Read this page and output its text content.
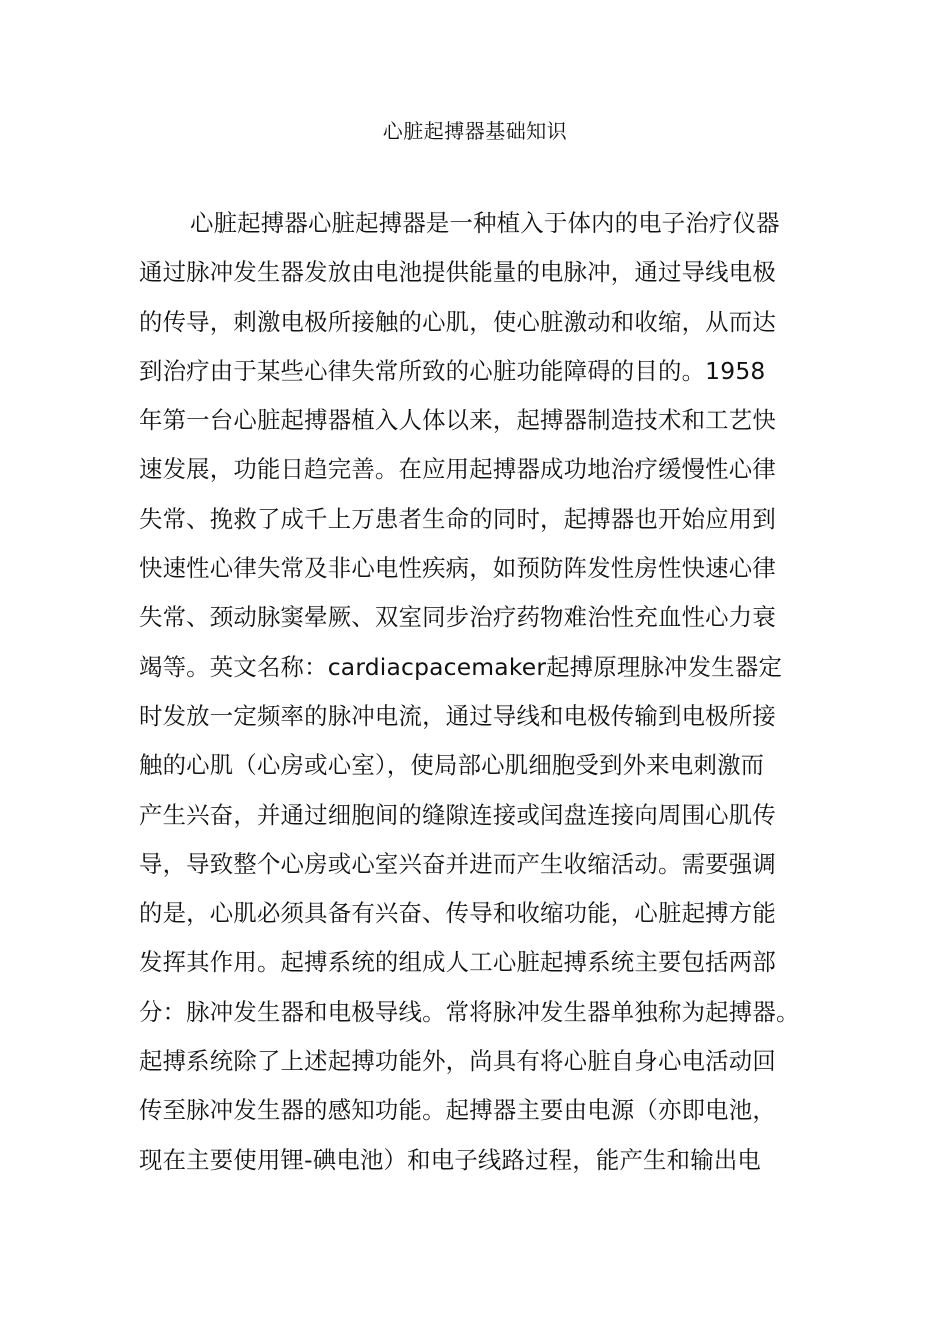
心脏起搏器基础知识
心脏起搏器心脏起搏器是一种植入于体内的电子治疗仪器
通过脉冲发生器发放由电池提供能量的电脉冲，通过导线电极
的传导，刺激电极所接触的心肌，使心脏激动和收缩，从而达
到治疗由于某些心律失常所致的心脏功能障碍的目的。1958
年第一台心脏起搏器植入人体以来，起搏器制造技术和工艺快
速发展，功能日趋完善。在应用起搏器成功地治疗缓慢性心律
失常、挽救了成千上万患者生命的同时，起搏器也开始应用到
快速性心律失常及非心电性疾病，如预防阵发性房性快速心律
失常、颈动脉窦晕厥、双室同步治疗药物难治性充血性心力衰
竭等。英文名称：cardiacpacemaker起搏原理脉冲发生器定
时发放一定频率的脉冲电流，通过导线和电极传输到电极所接
触的心肌（心房或心室），使局部心肌细胞受到外来电刺激而
产生兴奋，并通过细胞间的缝隙连接或闰盘连接向周围心肌传
导，导致整个心房或心室兴奋并进而产生收缩活动。需要强调
的是，心肌必须具备有兴奋、传导和收缩功能，心脏起搏方能
发挥其作用。起搏系统的组成人工心脏起搏系统主要包括两部
分：脉冲发生器和电极导线。常将脉冲发生器单独称为起搏器。
起搏系统除了上述起搏功能外，尚具有将心脏自身心电活动回
传至脉冲发生器的感知功能。起搏器主要由电源（亦即电池，
现在主要使用锂-碘电池）和电子线路过程，能产生和输出电
